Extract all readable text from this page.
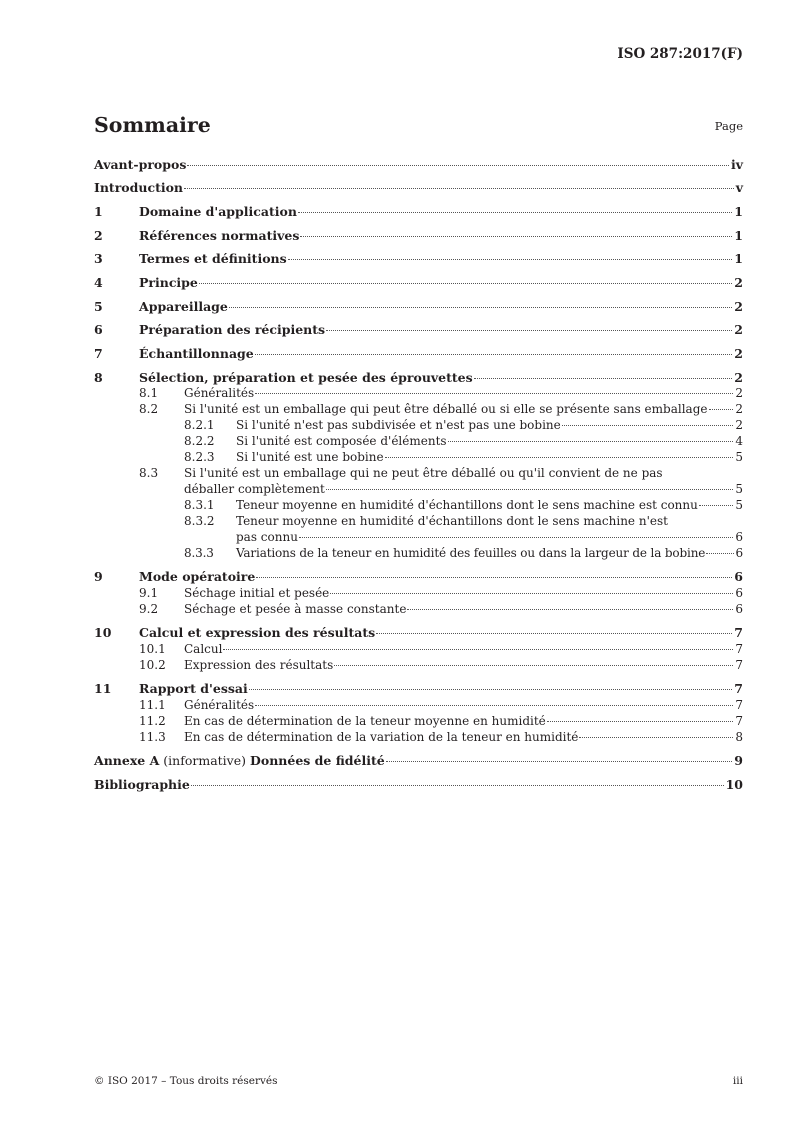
ISO 287:2017(F)
Sommaire	Page
Avant-propos	iv
Introduction	v
1	Domaine d'application	1
2	Références normatives	1
3	Termes et définitions	1
4	Principe	2
5	Appareillage	2
6	Préparation des récipients	2
7	Échantillonnage	2
8	Sélection, préparation et pesée des éprouvettes	2
8.1	Généralités	2
8.2	Si l'unité est un emballage qui peut être déballé ou si elle se présente sans emballage 2
8.2.1	Si l'unité n'est pas subdivisée et n'est pas une bobine	2
8.2.2	Si l'unité est composée d'éléments	4
8.2.3	Si l'unité est une bobine	5
8.3	Si l'unité est un emballage qui ne peut être déballé ou qu'il convient de ne pas
déballer complètement	5
8.3.1	Teneur moyenne en humidité d'échantillons dont le sens machine est connu	5
8.3.2	Teneur moyenne en humidité d'échantillons dont le sens machine n'est
pas connu	6
8.3.3	Variations de la teneur en humidité des feuilles ou dans la largeur de la bobine	6
9	Mode opératoire	6
9.1	Séchage initial et pesée	6
9.2	Séchage et pesée à masse constante	6
10	Calcul et expression des résultats	7
10.1	Calcul	7
10.2	Expression des résultats	7
11	Rapport d'essai	7
11.1	Généralités	7
11.2	En cas de détermination de la teneur moyenne en humidité	7
11.3	En cas de détermination de la variation de la teneur en humidité	8
Annexe A (informative) Données de fidélité	9
Bibliographie	10
© ISO 2017 – Tous droits réservés	iii
